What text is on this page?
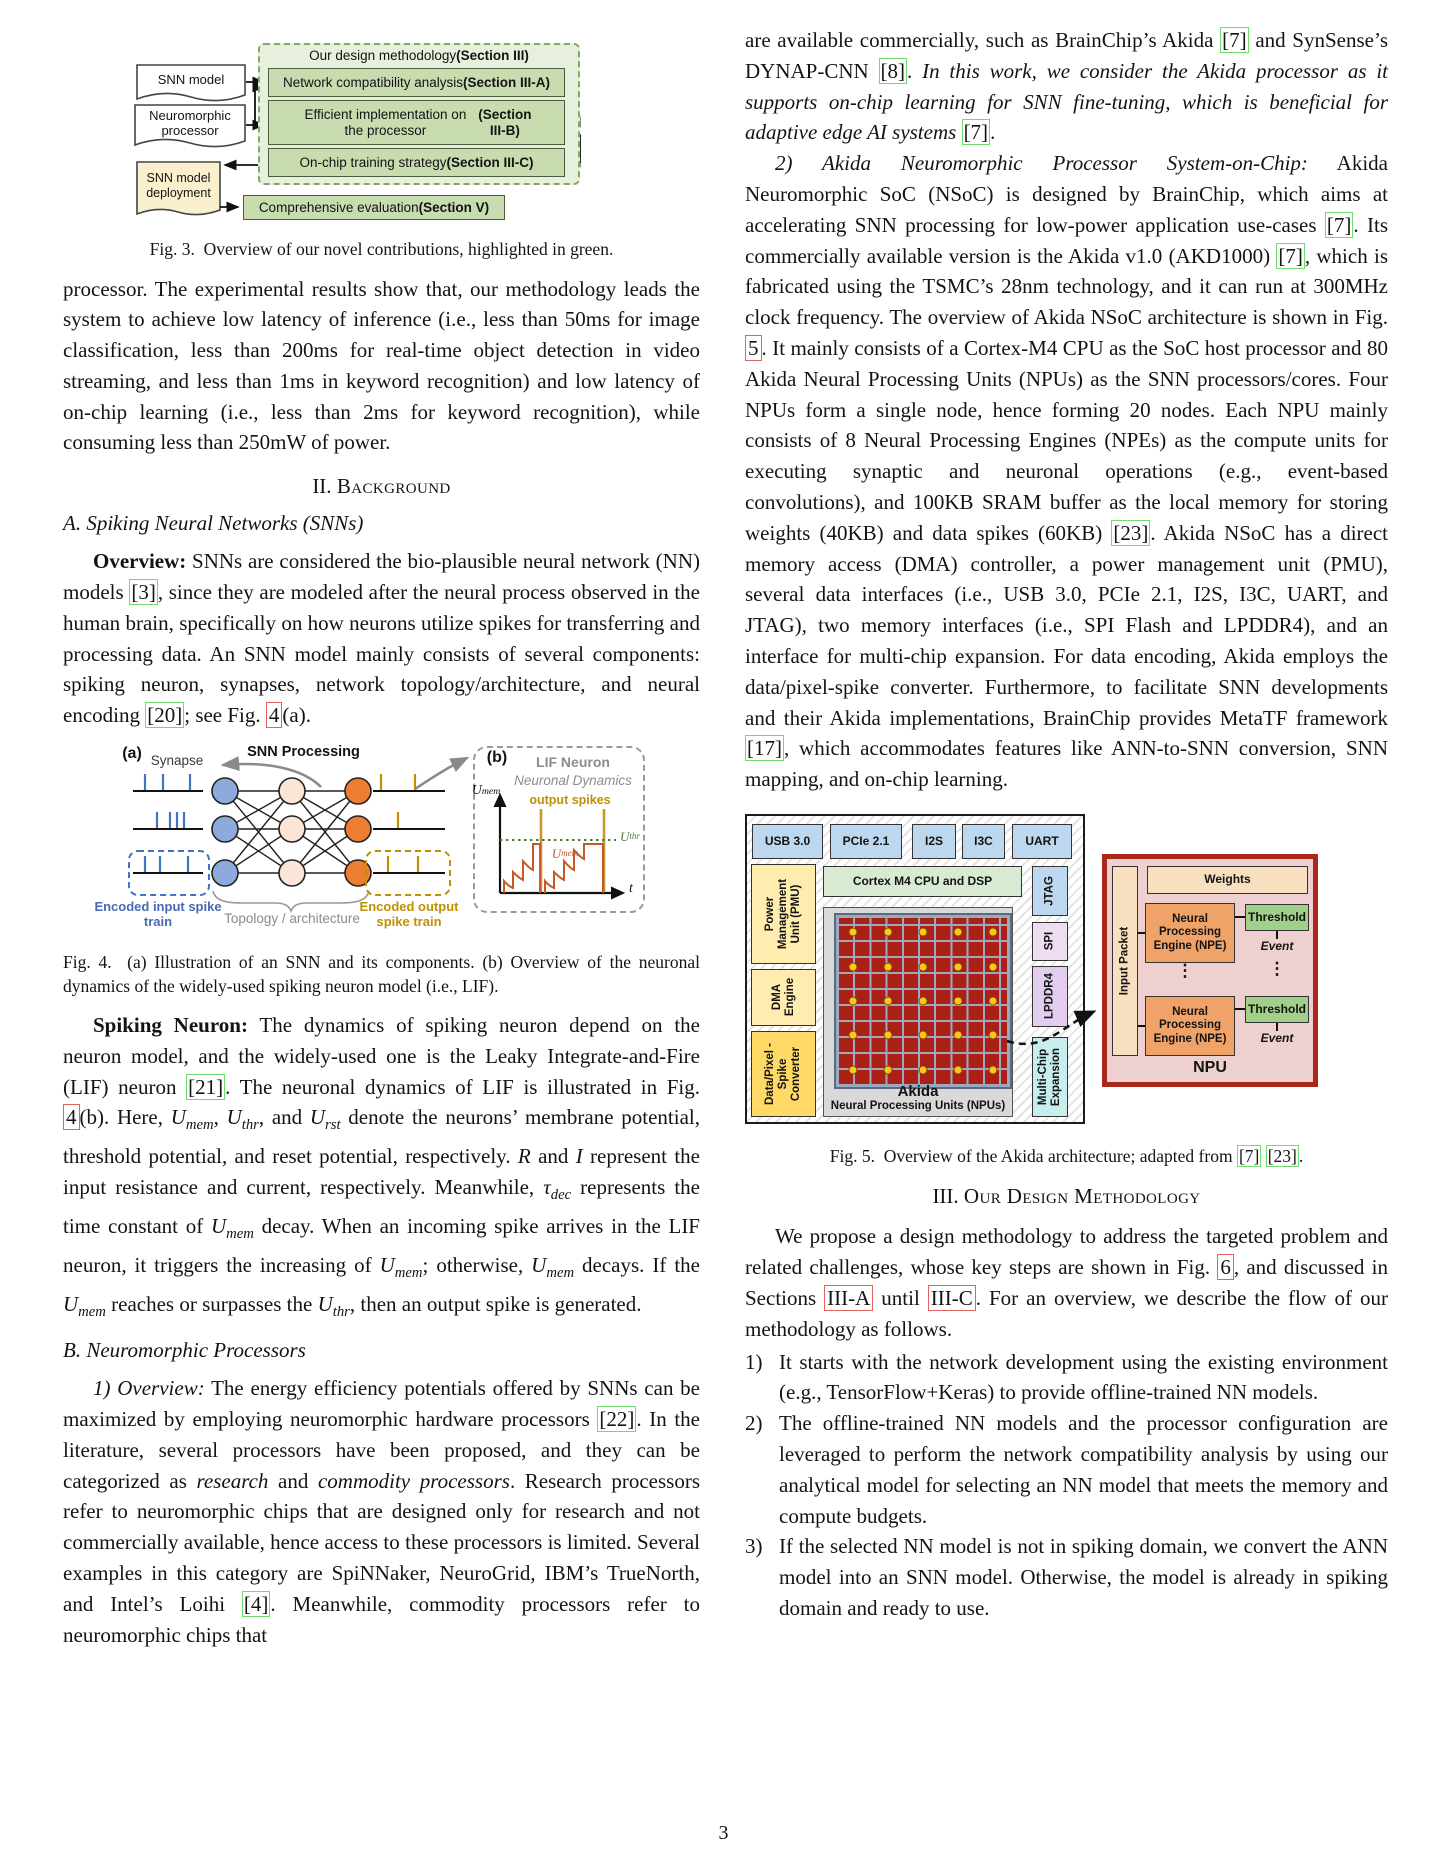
Our design methodology (Section III)
Network compatibility analysis (Section III-A)
Efficient implementation on the processor
(Section III-B)
On-chip training strategy (Section III-C)
Comprehensive evaluation (Section V)
SNN model
Neuromorphic processor
SNN model deployment

Fig. 3.  Overview of our novel contributions, highlighted in green.

processor. The experimental results show that, our methodology leads the system to achieve low latency of inference (i.e., less than 50ms for image classification, less than 200ms for real-time object detection in video streaming, and less than 1ms in keyword recognition) and low latency of on-chip learning (i.e., less than 2ms for keyword recognition), while consuming less than 250mW of power.

II. Background
A. Spiking Neural Networks (SNNs)

Overview: SNNs are considered the bio-plausible neural network (NN) models [3], since they are modeled after the neural process observed in the human brain, specifically on how neurons utilize spikes for transferring and processing data. An SNN model mainly consists of several components: spiking neuron, synapses, network topology/architecture, and neural encoding [20]; see Fig. 4 (a).

(a) Synapse
SNN Processing
Encoded input spike train	Topology / architecture
Encoded output spike train
(b)	LIF Neuron
Neuronal Dynamics
U mem
output spikes
U thr
U mem
t

Fig. 4.  (a) Illustration of an SNN and its components. (b) Overview of the neuronal dynamics of the widely-used spiking neuron model (i.e., LIF).

Spiking Neuron: The dynamics of spiking neuron depend on the neuron model, and the widely-used one is the Leaky Integrate-and-Fire (LIF) neuron [21]. The neuronal dynamics of LIF is illustrated in Fig. 4 (b). Here, $U_{mem}$, $U_{thr}$, and $U_{rst}$ denote the neurons’ membrane potential, threshold potential, and reset potential, respectively. R and I represent the input resistance and current, respectively. Meanwhile, $\tau_{dec}$ represents the time constant of $U_{mem}$ decay. When an incoming spike arrives in the LIF neuron, it triggers the increasing of $U_{mem}$; otherwise, $U_{mem}$ decays. If the $U_{mem}$ reaches or surpasses the $U_{thr}$, then an output spike is generated.

B. Neuromorphic Processors

1) Overview: The energy efficiency potentials offered by SNNs can be maximized by employing neuromorphic hardware processors [22]. In the literature, several processors have been proposed, and they can be categorized as research and commodity processors. Research processors refer to neuromorphic chips that are designed only for research and not commercially available, hence access to these processors is limited. Several examples in this category are SpiNNaker, NeuroGrid, IBM’s TrueNorth, and Intel’s Loihi [4]. Meanwhile, commodity processors refer to neuromorphic chips that

are available commercially, such as BrainChip’s Akida [7] and SynSense’s DYNAP-CNN [8]. In this work, we consider the Akida processor as it supports on-chip learning for SNN fine-tuning, which is beneficial for adaptive edge AI systems [7].

2) Akida Neuromorphic Processor System-on-Chip: Akida Neuromorphic SoC (NSoC) is designed by BrainChip, which aims at accelerating SNN processing for low-power application use-cases [7]. Its commercially available version is the Akida v1.0 (AKD1000) [7], which is fabricated using the TSMC’s 28nm technology, and it can run at 300MHz clock frequency. The overview of Akida NSoC architecture is shown in Fig. 5 . It mainly consists of a Cortex-M4 CPU as the SoC host processor and 80 Akida Neural Processing Units (NPUs) as the SNN processors/cores. Four NPUs form a single node, hence forming 20 nodes. Each NPU mainly consists of 8 Neural Processing Engines (NPEs) as the compute units for executing synaptic and neuronal operations (e.g., event-based convolutions), and 100KB SRAM buffer as the local memory for storing weights (40KB) and data spikes (60KB) [23]. Akida NSoC has a direct memory access (DMA) controller, a power management unit (PMU), several data interfaces (i.e., USB 3.0, PCIe 2.1, I2S, I3C, UART, and JTAG), two memory interfaces (i.e., SPI Flash and LPDDR4), and an interface for multi-chip expansion. For data encoding, Akida employs the data/pixel-spike converter. Furthermore, to facilitate SNN developments and their Akida implementations, BrainChip provides MetaTF framework [17], which accommodates features like ANN-to-SNN conversion, SNN mapping, and on-chip learning.

USB 3.0	PCIe 2.1	I2S	I3C	UART
Power Management Unit (PMU)
DMA Engine
Data/Pixel -Spike Converter
Cortex M4 CPU and DSP
Akida
Neural Processing Units (NPUs)
JTAG
SPI
LPDDR4
Multi-Chip Expansion
Input Packet
Weights
Neural Processing Engine (NPE)
Threshold
Event
⋮	⋮
Neural Processing Engine (NPE)
Threshold
Event
NPU

Fig. 5.  Overview of the Akida architecture; adapted from [7] [23] .

III. Our Design Methodology

We propose a design methodology to address the targeted problem and related challenges, whose key steps are shown in Fig. 6 , and discussed in Sections III-A until III-C . For an overview, we describe the flow of our methodology as follows.

1) It starts with the network development using the existing environment (e.g., TensorFlow+Keras) to provide offline-trained NN models.
2) The offline-trained NN models and the processor configuration are leveraged to perform the network compatibility analysis by using our analytical model for selecting an NN model that meets the memory and compute budgets.
3) If the selected NN model is not in spiking domain, we convert the ANN model into an SNN model. Otherwise, the model is already in spiking domain and ready to use.
3
